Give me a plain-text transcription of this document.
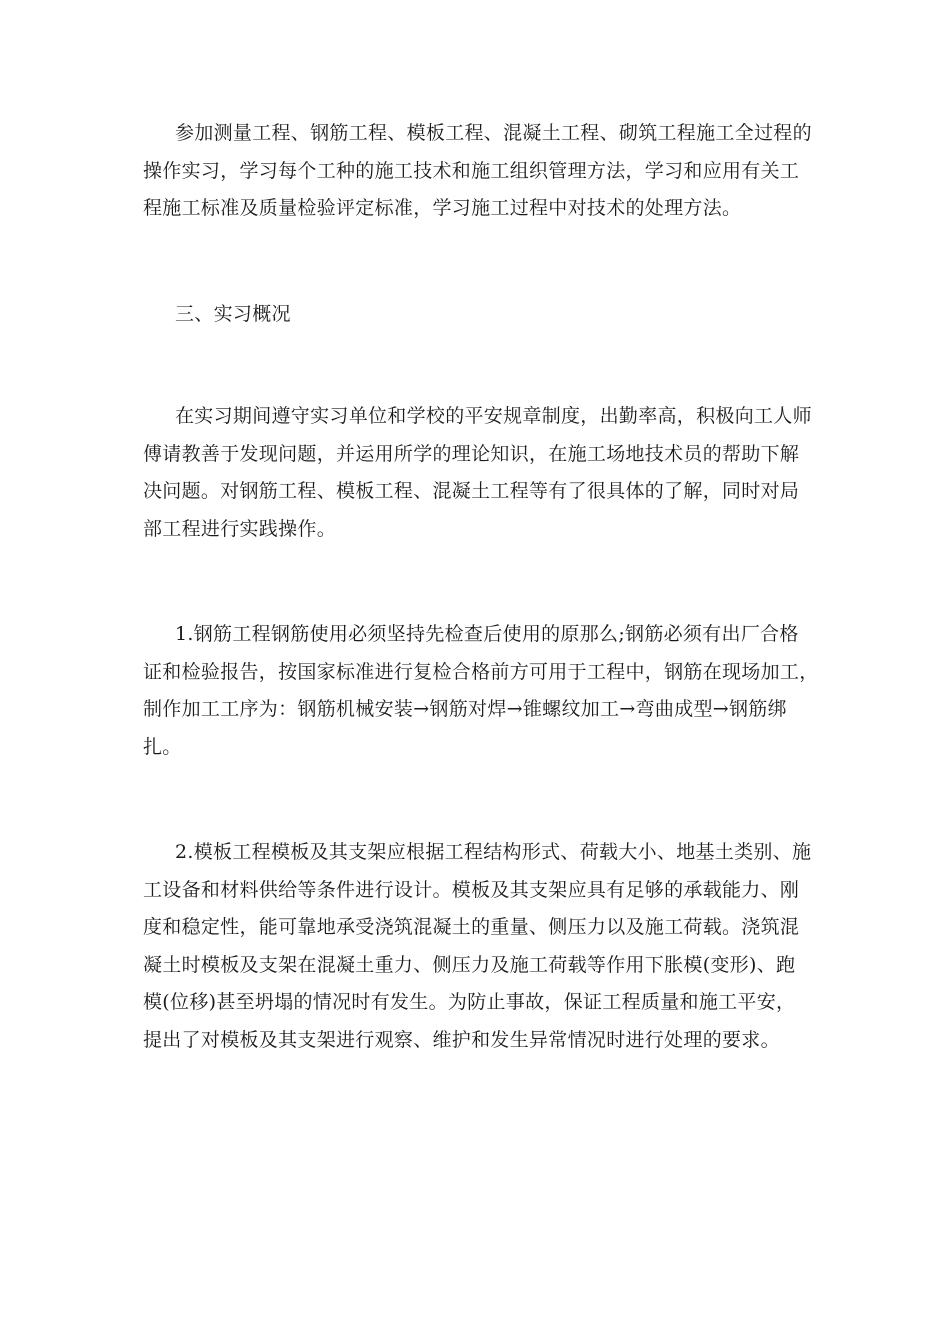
参加测量工程、钢筋工程、模板工程、混凝土工程、砌筑工程施工全过程的
操作实习，学习每个工种的施工技术和施工组织管理方法，学习和应用有关工
程施工标准及质量检验评定标准，学习施工过程中对技术的处理方法。

三、实习概况

在实习期间遵守实习单位和学校的平安规章制度，出勤率高，积极向工人师
傅请教善于发现问题，并运用所学的理论知识，在施工场地技术员的帮助下解
决问题。对钢筋工程、模板工程、混凝土工程等有了很具体的了解，同时对局
部工程进行实践操作。

1.钢筋工程钢筋使用必须坚持先检查后使用的原那么;钢筋必须有出厂合格
证和检验报告，按国家标准进行复检合格前方可用于工程中，钢筋在现场加工，
制作加工工序为：钢筋机械安装→钢筋对焊→锥螺纹加工→弯曲成型→钢筋绑
扎。

2.模板工程模板及其支架应根据工程结构形式、荷载大小、地基土类别、施
工设备和材料供给等条件进行设计。模板及其支架应具有足够的承载能力、刚
度和稳定性，能可靠地承受浇筑混凝土的重量、侧压力以及施工荷载。浇筑混
凝土时模板及支架在混凝土重力、侧压力及施工荷载等作用下胀模(变形)、跑
模(位移)甚至坍塌的情况时有发生。为防止事故，保证工程质量和施工平安，
提出了对模板及其支架进行观察、维护和发生异常情况时进行处理的要求。
